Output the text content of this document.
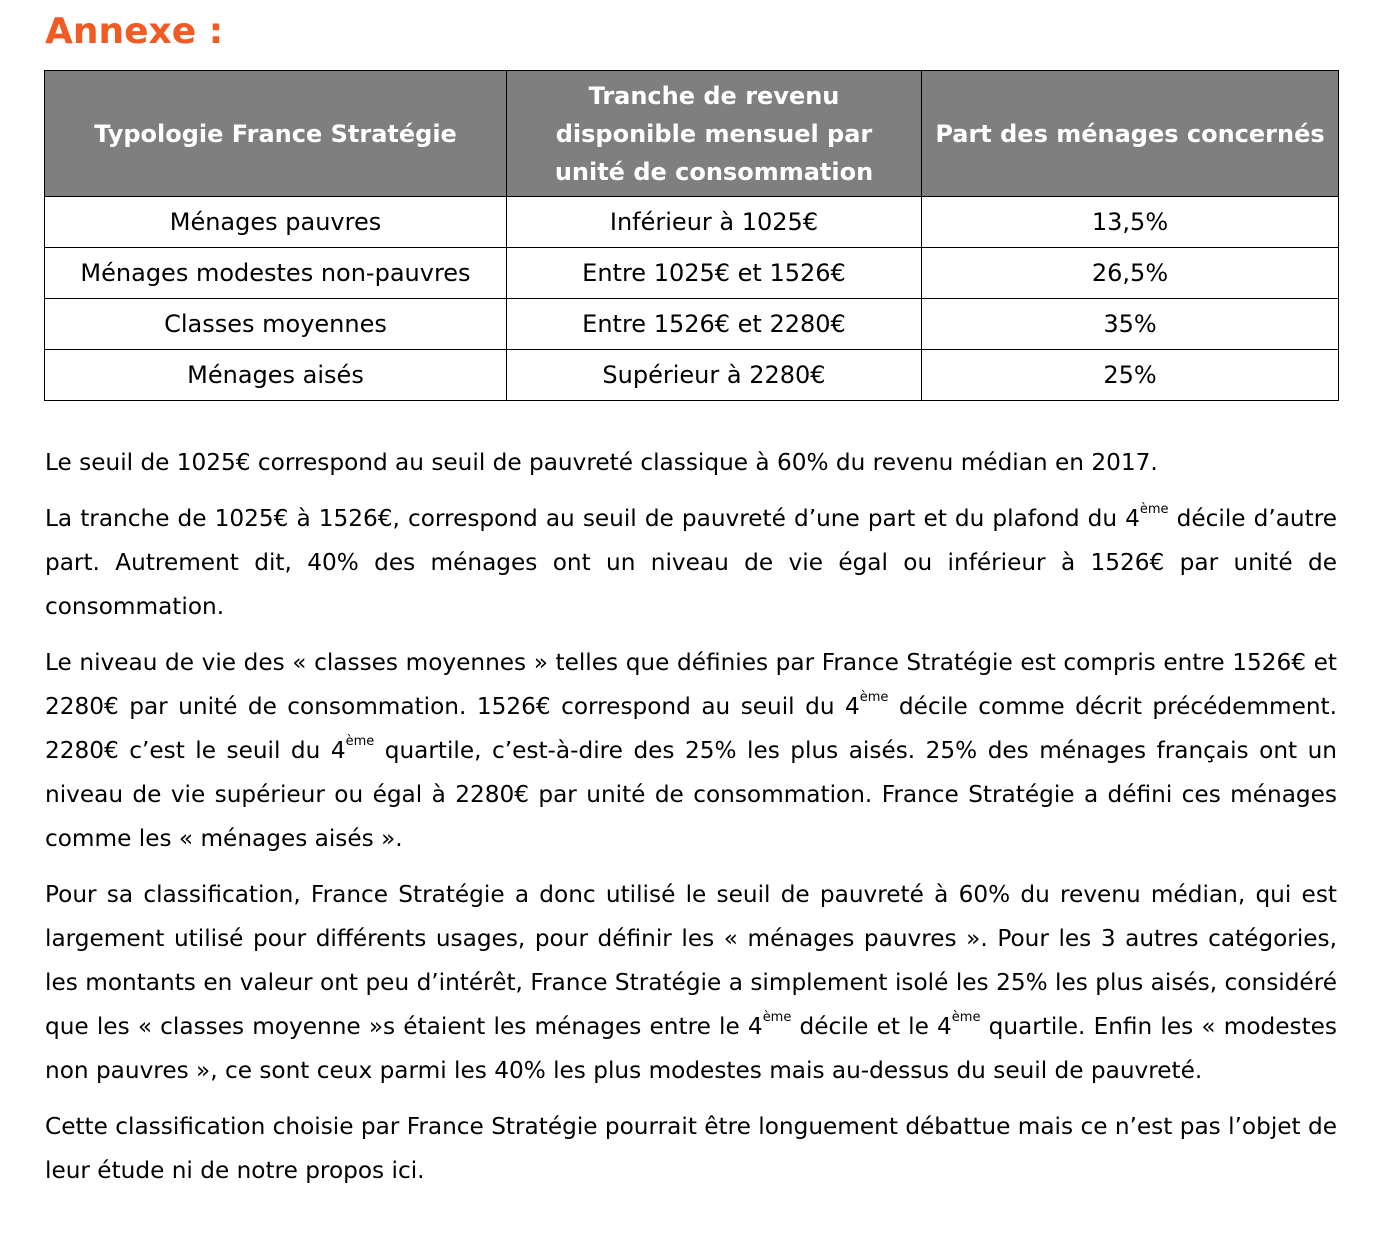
Annexe :
Typologie France Stratégie	Tranche de revenu disponible mensuel par unité de consommation	Part des ménages concernés
Ménages pauvres	Inférieur à 1025€	13,5%
Ménages modestes non-pauvres	Entre 1025€ et 1526€	26,5%
Classes moyennes	Entre 1526€ et 2280€	35%
Ménages aisés	Supérieur à 2280€	25%

Le seuil de 1025€ correspond au seuil de pauvreté classique à 60% du revenu médian en 2017.

La tranche de 1025€ à 1526€, correspond au seuil de pauvreté d’une part et du plafond du 4ème décile d’autre part. Autrement dit, 40% des ménages ont un niveau de vie égal ou inférieur à 1526€ par unité de consommation.

Le niveau de vie des « classes moyennes » telles que définies par France Stratégie est compris entre 1526€ et 2280€ par unité de consommation. 1526€ correspond au seuil du 4ème décile comme décrit précédemment. 2280€ c’est le seuil du 4ème quartile, c’est-à-dire des 25% les plus aisés. 25% des ménages français ont un niveau de vie supérieur ou égal à 2280€ par unité de consommation. France Stratégie a défini ces ménages comme les « ménages aisés ».

Pour sa classification, France Stratégie a donc utilisé le seuil de pauvreté à 60% du revenu médian, qui est largement utilisé pour différents usages, pour définir les « ménages pauvres ». Pour les 3 autres catégories, les montants en valeur ont peu d’intérêt, France Stratégie a simplement isolé les 25% les plus aisés, considéré que les « classes moyenne »s étaient les ménages entre le 4ème décile et le 4ème quartile. Enfin les « modestes non pauvres », ce sont ceux parmi les 40% les plus modestes mais au-dessus du seuil de pauvreté.

Cette classification choisie par France Stratégie pourrait être longuement débattue mais ce n’est pas l’objet de leur étude ni de notre propos ici.
